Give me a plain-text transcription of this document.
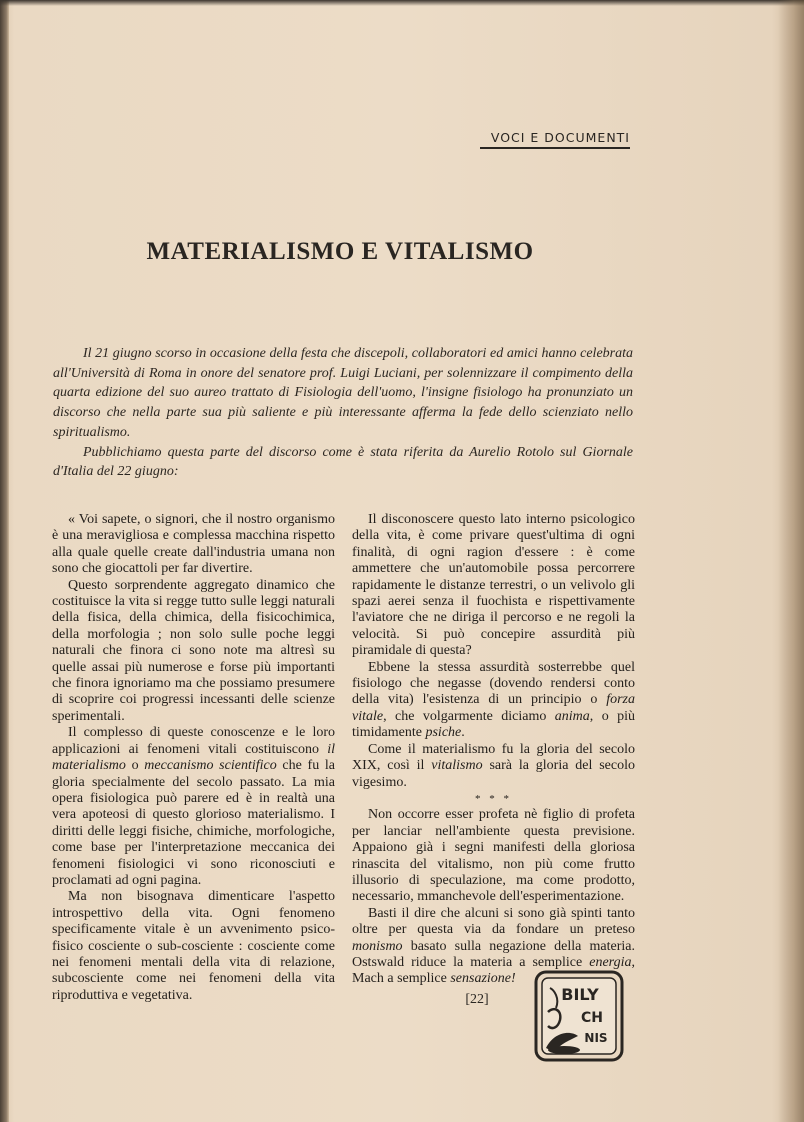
VOCI E DOCUMENTI
MATERIALISMO E VITALISMO

Il 21 giugno scorso in occasione della festa che discepoli, collaboratori ed amici hanno celebrata all'Università di Roma in onore del senatore prof. Luigi Luciani, per solennizzare il compimento della quarta edizione del suo aureo trattato di Fisiologia dell'uomo, l'insigne fisiologo ha pronunziato un discorso che nella parte sua più saliente e più interessante afferma la fede dello scienziato nello spiritualismo.

Pubblichiamo questa parte del discorso come è stata riferita da Aurelio Rotolo sul Giornale d'Italia del 22 giugno:

« Voi sapete, o signori, che il nostro organismo è una meravigliosa e complessa macchina rispetto alla quale quelle create dall'industria umana non sono che giocattoli per far divertire.

Questo sorprendente aggregato dinamico che costituisce la vita si regge tutto sulle leggi naturali della fisica, della chimica, della fisicochimica, della morfologia ; non solo sulle poche leggi naturali che finora ci sono note ma altresì su quelle assai più numerose e forse più importanti che finora ignoriamo ma che possiamo presumere di scoprire coi progressi incessanti delle scienze sperimentali.

Il complesso di queste conoscenze e le loro applicazioni ai fenomeni vitali costituiscono il materialismo o meccanismo scientifico che fu la gloria specialmente del secolo passato. La mia opera fisiologica può parere ed è in realtà una vera apoteosi di questo glorioso materialismo. I diritti delle leggi fisiche, chimiche, morfologiche, come base per l'interpretazione meccanica dei fenomeni fisiologici vi sono riconosciuti e proclamati ad ogni pagina.

Ma non bisognava dimenticare l'aspetto introspettivo della vita. Ogni fenomeno specificamente vitale è un avvenimento psico-fisico cosciente o sub-cosciente : cosciente come nei fenomeni mentali della vita di relazione, subcosciente come nei fenomeni della vita riproduttiva e vegetativa.

Il disconoscere questo lato interno psicologico della vita, è come privare quest'ultima di ogni finalità, di ogni ragion d'essere : è come ammettere che un'automobile possa percorrere rapidamente le distanze terrestri, o un velivolo gli spazi aerei senza il fuochista e rispettivamente l'aviatore che ne diriga il percorso e ne regoli la velocità. Si può concepire assurdità più piramidale di questa?

Ebbene la stessa assurdità sosterrebbe quel fisiologo che negasse (dovendo rendersi conto della vita) l'esistenza di un principio o forza vitale, che volgarmente diciamo anima, o più timidamente psiche.

Come il materialismo fu la gloria del secolo XIX, così il vitalismo sarà la gloria del secolo vigesimo.

* * *

Non occorre esser profeta nè figlio di profeta per lanciar nell'ambiente questa previsione. Appaiono già i segni manifesti della gloriosa rinascita del vitalismo, non più come frutto illusorio di speculazione, ma come prodotto, necessario, mmanchevole dell'esperimentazione.

Basti il dire che alcuni si sono già spinti tanto oltre per questa via da fondare un preteso monismo basato sulla negazione della materia. Ostswald riduce la materia a semplice energia, Mach a semplice sensazione!

[22]	BILY
CH
NIS
